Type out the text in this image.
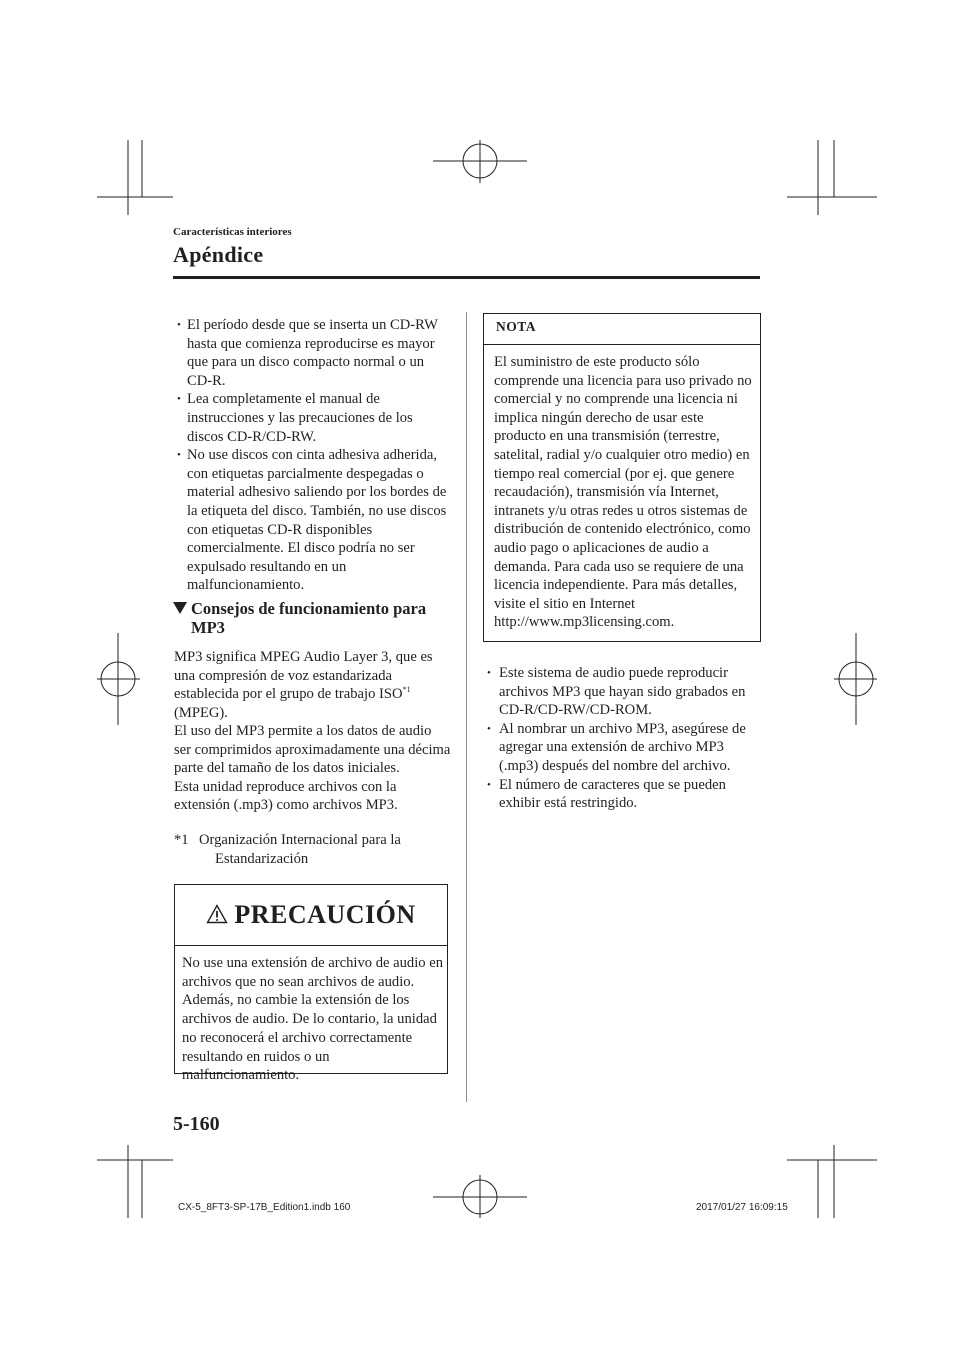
Características interiores
Apéndice
• El período desde que se inserta un CD-RW hasta que comienza reproducirse es mayor que para un disco compacto normal o un CD-R.
• Lea completamente el manual de instrucciones y las precauciones de los discos CD-R/CD-RW.
• No use discos con cinta adhesiva adherida, con etiquetas parcialmente despegadas o material adhesivo saliendo por los bordes de la etiqueta del disco. También, no use discos con etiquetas CD-R disponibles comercialmente. El disco podría no ser expulsado resultando en un malfuncionamiento.
Consejos de funcionamiento para MP3

MP3 significa MPEG Audio Layer 3, que es una compresión de voz estandarizada establecida por el grupo de trabajo ISO$^{*1}$ (MPEG).

El uso del MP3 permite a los datos de audio ser comprimidos aproximadamente una décima parte del tamaño de los datos iniciales.

Esta unidad reproduce archivos con la extensión (.mp3) como archivos MP3.

*1 Organización Internacional para la
Estandarización
PRECAUCIÓN
No use una extensión de archivo de audio en archivos que no sean archivos de audio. Además, no cambie la extensión de los archivos de audio. De lo contario, la unidad no reconocerá el archivo correctamente resultando en ruidos o un malfuncionamiento.
NOTA
El suministro de este producto sólo comprende una licencia para uso privado no comercial y no comprende una licencia ni implica ningún derecho de usar este producto en una transmisión (terrestre, satelital, radial y/o cualquier otro medio) en tiempo real comercial (por ej. que genere recaudación), transmisión vía Internet, intranets y/u otras redes u otros sistemas de distribución de contenido electrónico, como audio pago o aplicaciones de audio a demanda. Para cada uso se requiere de una licencia independiente. Para más detalles, visite el sitio en Internet http://www.mp3licensing.com.
• Este sistema de audio puede reproducir archivos MP3 que hayan sido grabados en CD-R/CD-RW/CD-ROM.
• Al nombrar un archivo MP3, asegúrese de agregar una extensión de archivo MP3 (.mp3) después del nombre del archivo.
• El número de caracteres que se pueden exhibir está restringido.
5-160
CX-5_8FT3-SP-17B_Edition1.indb 160	2017/01/27 16:09:15
